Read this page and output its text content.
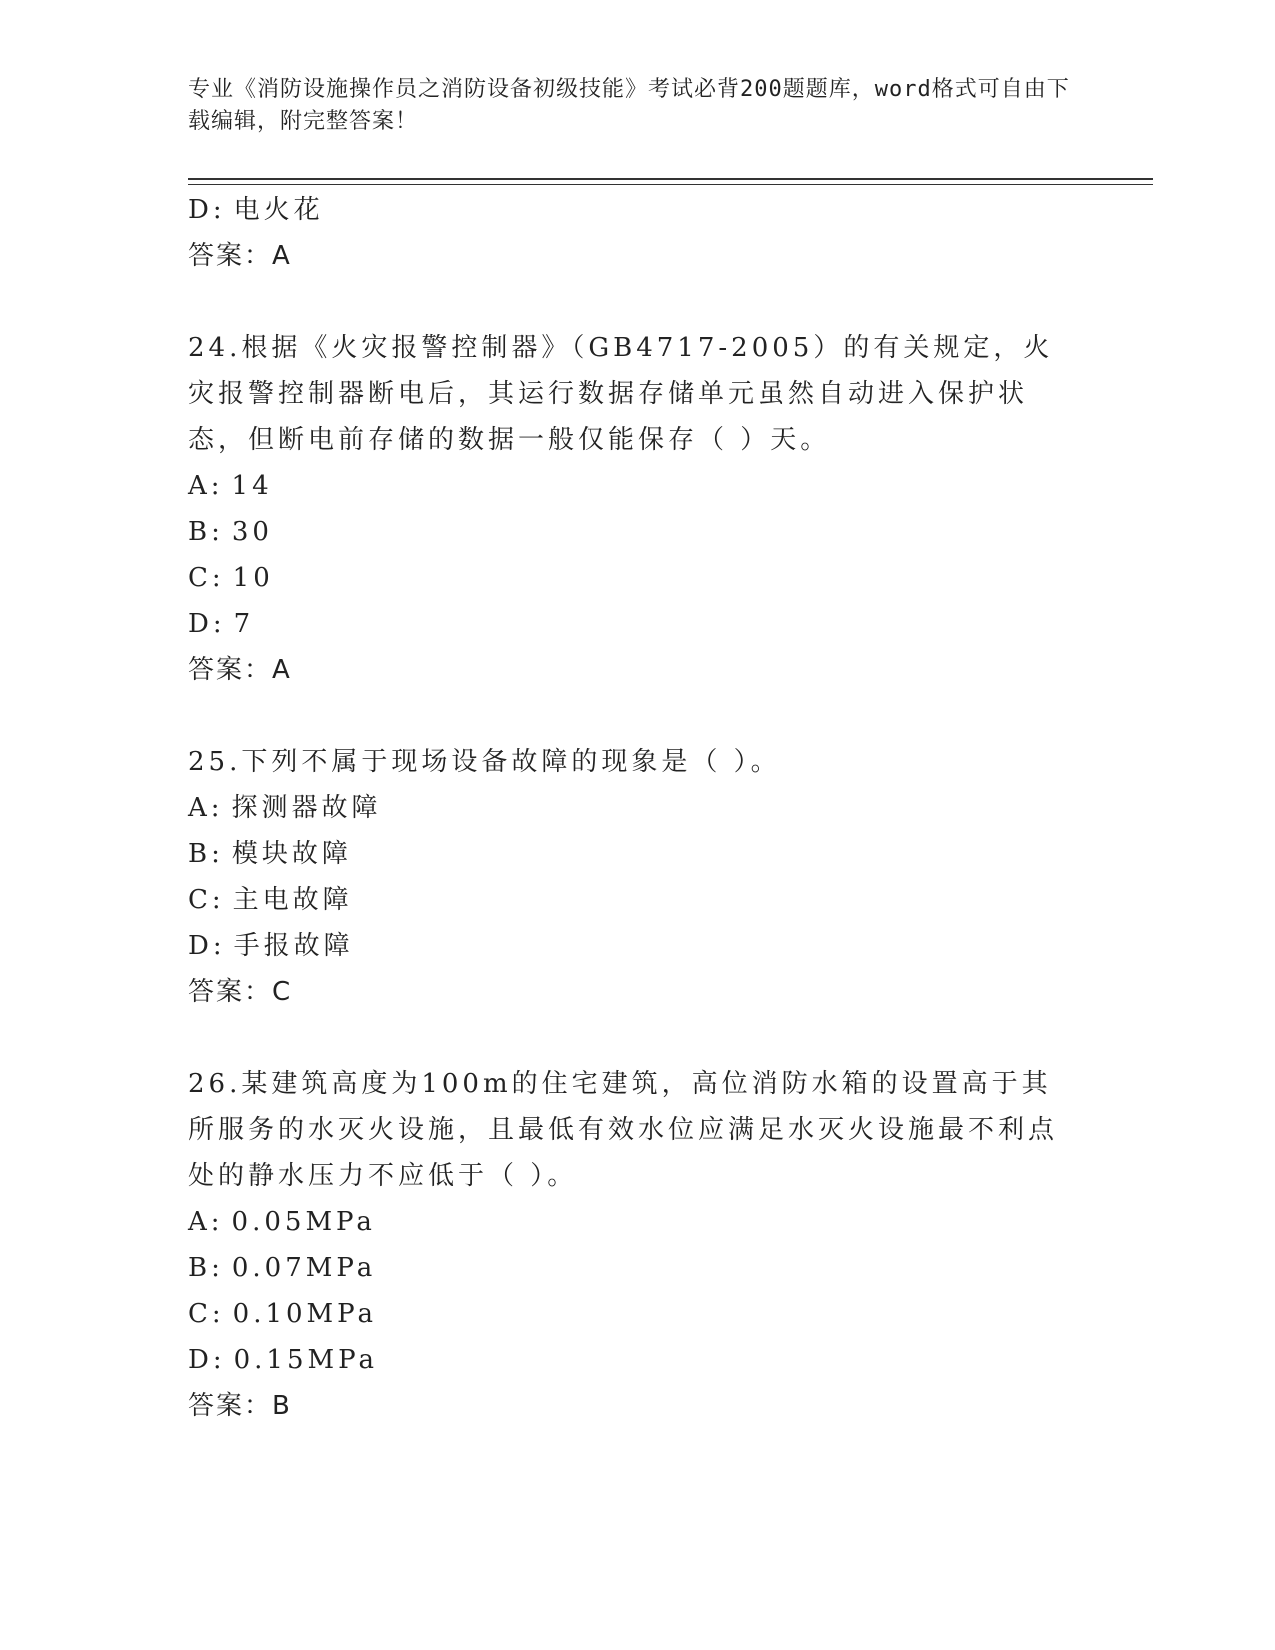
专业《消防设施操作员之消防设备初级技能》考试必背200题题库，word格式可自由下载编辑，附完整答案！

D: 电火花

答案：A

24.根据《火灾报警控制器》（GB4717-2005）的有关规定，火灾报警控制器断电后，其运行数据存储单元虽然自动进入保护状态，但断电前存储的数据一般仅能保存（ ）天。

A: 14

B: 30

C: 10

D: 7

答案：A

25.下列不属于现场设备故障的现象是（ ）。

A: 探测器故障

B: 模块故障

C: 主电故障

D: 手报故障

答案：C

26.某建筑高度为100m的住宅建筑，高位消防水箱的设置高于其所服务的水灭火设施，且最低有效水位应满足水灭火设施最不利点处的静水压力不应低于（ ）。

A: 0.05MPa

B: 0.07MPa

C: 0.10MPa

D: 0.15MPa

答案：B
